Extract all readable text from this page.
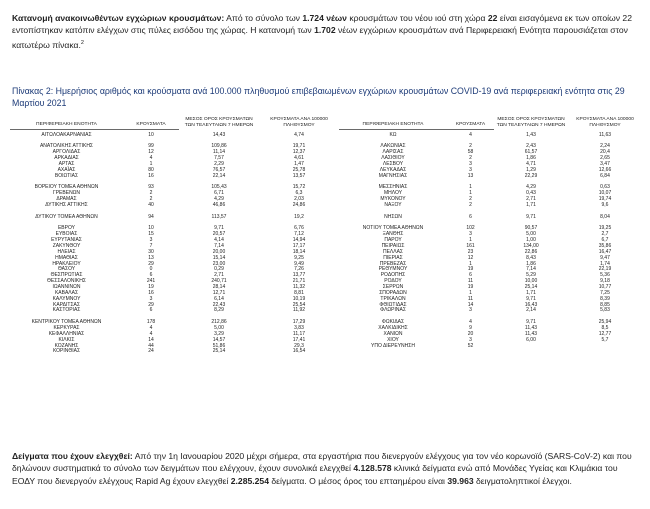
Κατανομή ανακοινωθέντων εγχώριων κρουσμάτων: Από το σύνολο των 1.724 νέων κρουσμάτων του νέου ιού στη χώρα 22 είναι εισαγόμενα εκ των οποίων 22 εντοπίστηκαν κατόπιν ελέγχων στις πύλες εισόδου της χώρας. Η κατανομή των 1.702 νέων εγχώριων κρουσμάτων ανά Περιφερειακή Ενότητα παρουσιάζεται στον κατωτέρω πίνακα.$^2$

Πίνακας 2: Ημερήσιος αριθμός και κρούσματα ανά 100.000 πληθυσμού επιβεβαιωμένων εγχώριων κρουσμάτων COVID-19 ανά περιφερειακή ενότητα στις 29 Μαρτίου 2021

ΠΕΡΙΦΕΡΕΙΑΚΗ ΕΝΟΤΗΤΑ	ΚΡΟΥΣΜΑΤΑ	ΜΕΣΟΣ ΟΡΟΣ ΚΡΟΥΣΜΑΤΩΝ ΤΩΝ ΤΕΛΕΥΤΑΙΩΝ 7 ΗΜΕΡΩΝ	ΚΡΟΥΣΜΑΤΑ ΑΝΑ 100000 ΠΛΗΘΥΣΜΟΥ	ΠΕΡΙΦΕΡΕΙΑΚΗ ΕΝΟΤΗΤΑ	ΚΡΟΥΣΜΑΤΑ	ΜΕΣΟΣ ΟΡΟΣ ΚΡΟΥΣΜΑΤΩΝ ΤΩΝ ΤΕΛΕΥΤΑΙΩΝ 7 ΗΜΕΡΩΝ	ΚΡΟΥΣΜΑΤΑ ΑΝΑ 100000 ΠΛΗΘΥΣΜΟΥ

ΑΙΤΩΛΟΑΚΑΡΝΑΝΙΑΣ	10	14,43	4,74	ΚΩ	4	1,43	11,63

ΑΝΑΤΟΛΙΚΗΣ ΑΤΤΙΚΗΣ	99	109,86	19,71	ΛΑΚΩΝΙΑΣ	2	2,43	2,24
ΑΡΓΟΛΙΔΑΣ	12	11,14	12,37	ΛΑΡΙΣΑΣ	58	61,57	20,4
ΑΡΚΑΔΙΑΣ	4	7,57	4,61	ΛΑΣΙΘΙΟΥ	2	1,86	2,65
ΑΡΤΑΣ	1	2,29	1,47	ΛΕΣΒΟΥ	3	4,71	3,47
ΑΧΑΪΑΣ	80	76,57	25,78	ΛΕΥΚΑΔΑΣ	3	1,29	12,66
ΒΟΙΩΤΙΑΣ	16	22,14	13,57	ΜΑΓΝΗΣΙΑΣ	13	22,29	6,84

ΒΟΡΕΙΟΥ ΤΟΜΕΑ ΑΘΗΝΩΝ	93	105,43	15,72	ΜΕΣΣΗΝΙΑΣ	1	4,29	0,63
ΓΡΕΒΕΝΩΝ	2	6,71	6,3	ΜΗΛΟΥ	1	0,43	10,07
ΔΡΑΜΑΣ	2	4,29	2,03	ΜΥΚΟΝΟΥ	2	2,71	19,74
ΔΥΤΙΚΗΣ ΑΤΤΙΚΗΣ	40	46,86	24,86	ΝΑΞΟΥ	2	1,71	9,6

ΔΥΤΙΚΟΥ ΤΟΜΕΑ ΑΘΗΝΩΝ	94	113,57	19,2	ΝΗΣΩΝ	6	9,71	8,04

ΕΒΡΟΥ	10	9,71	6,76	ΝΟΤΙΟΥ ΤΟΜΕΑ ΑΘΗΝΩΝ	102	90,57	19,25
ΕΥΒΟΙΑΣ	15	20,57	7,12	ΞΑΝΘΗΣ	3	5,00	2,7
ΕΥΡΥΤΑΝΙΑΣ	3	4,14	14,94	ΠΑΡΟΥ	1	1,00	6,7
ΖΑΚΥΝΘΟΥ	7	7,14	17,17	ΠΕΙΡΑΙΩΣ	161	134,00	35,86
ΗΛΕΙΑΣ	30	20,00	18,14	ΠΕΛΛΑΣ	23	22,86	16,47
ΗΜΑΘΙΑΣ	13	15,14	9,25	ΠΙΕΡΙΑΣ	12	8,43	9,47
ΗΡΑΚΛΕΙΟΥ	29	23,00	9,49	ΠΡΕΒΕΖΑΣ	1	1,86	1,74
ΘΑΣΟΥ	0	0,29	7,26	ΡΕΘΥΜΝΟΥ	19	7,14	22,19
ΘΕΣΠΡΩΤΙΑΣ	6	2,71	13,77	ΡΟΔΟΠΗΣ	6	5,29	5,36
ΘΕΣΣΑΛΟΝΙΚΗΣ	241	240,71	21,71	ΡΟΔΟΥ	11	10,00	9,18
ΙΩΑΝΝΙΝΩΝ	19	28,14	11,32	ΣΕΡΡΩΝ	19	25,14	10,77
ΚΑΒΑΛΑΣ	16	12,71	8,81	ΣΠΟΡΑΔΩΝ	1	1,71	7,25
ΚΑΛΥΜΝΟΥ	3	6,14	10,19	ΤΡΙΚΑΛΩΝ	11	9,71	8,39
ΚΑΡΔΙΤΣΑΣ	29	22,43	25,54	ΦΘΙΩΤΙΔΑΣ	14	16,43	8,85
ΚΑΣΤΟΡΙΑΣ	6	8,29	11,92	ΦΛΩΡΙΝΑΣ	3	2,14	5,83

ΚΕΝΤΡΙΚΟΥ ΤΟΜΕΑ ΑΘΗΝΩΝ	178	212,86	17,29	ΦΩΚΙΔΑΣ	4	9,71	25,94
ΚΕΡΚΥΡΑΣ	4	5,00	3,83	ΧΑΛΚΙΔΙΚΗΣ	9	11,43	8,5
ΚΕΦΑΛΛΗΝΙΑΣ	4	3,29	11,17	ΧΑΝΙΩΝ	20	11,43	12,77
ΚΙΛΚΙΣ	14	14,57	17,41	ΧΙΟΥ	3	6,00	5,7
ΚΟΖΑΝΗΣ	44	51,86	29,3	ΥΠΟ ΔΙΕΡΕΥΝΗΣΗ	52		
ΚΟΡΙΝΘΙΑΣ	24	25,14	16,54				

Δείγματα που έχουν ελεγχθεί: Από την 1η Ιανουαρίου 2020 μέχρι σήμερα, στα εργαστήρια που διενεργούν ελέγχους για τον νέο κορωνοϊό (SARS-CoV-2) και που δηλώνουν συστηματικά το σύνολο των δειγμάτων που ελέγχουν, έχουν συνολικά ελεγχθεί 4.128.578 κλινικά δείγματα ενώ από Μονάδες Υγείας και Κλιμάκια του ΕΟΔΥ που διενεργούν ελέγχους Rapid Ag έχουν ελεγχθεί 2.285.254 δείγματα. Ο μέσος όρος του επταημέρου είναι 39.963 δειγματοληπτικοί έλεγχοι.
